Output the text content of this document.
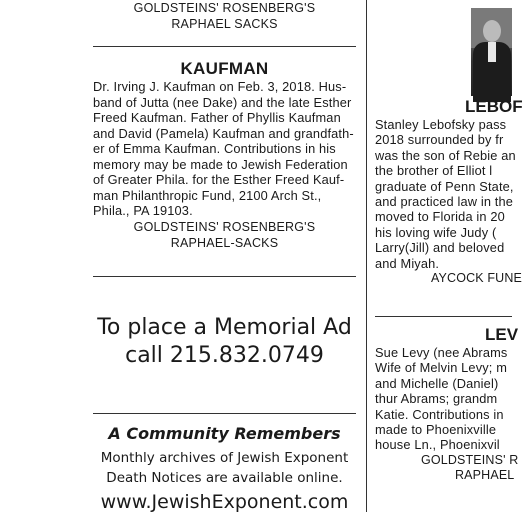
GOLDSTEINS' ROSENBERG'S

RAPHAEL SACKS

KAUFMAN

Dr. Irving J. Kaufman on Feb. 3, 2018. Hus-

band of Jutta (nee Dake) and the late Esther

Freed Kaufman. Father of Phyllis Kaufman

and David (Pamela) Kaufman and grandfath-

er of Emma Kaufman. Contributions in his

memory may be made to Jewish Federation

of Greater Phila. for the Esther Freed Kauf-

man Philanthropic Fund, 2100 Arch St.,

Phila., PA 19103.

GOLDSTEINS' ROSENBERG'S

RAPHAEL-SACKS

To place a Memorial Ad

call 215.832.0749

A Community Remembers

Monthly archives of Jewish Exponent

Death Notices are available online.

www.JewishExponent.com

LEBOF

Stanley Lebofsky pass

2018 surrounded by fr

was the son of Rebie an

the brother of Elliot l

graduate of Penn State,

and practiced law in the

moved to Florida in 20

his loving wife Judy (

Larry(Jill) and beloved

and Miyah.

AYCOCK FUNE

LEV

Sue Levy (nee Abrams

Wife of Melvin Levy; m

and Michelle (Daniel)

thur Abrams; grandm

Katie. Contributions in

made to Phoenixville

house Ln., Phoenixvil

GOLDSTEINS' R

RAPHAEL
